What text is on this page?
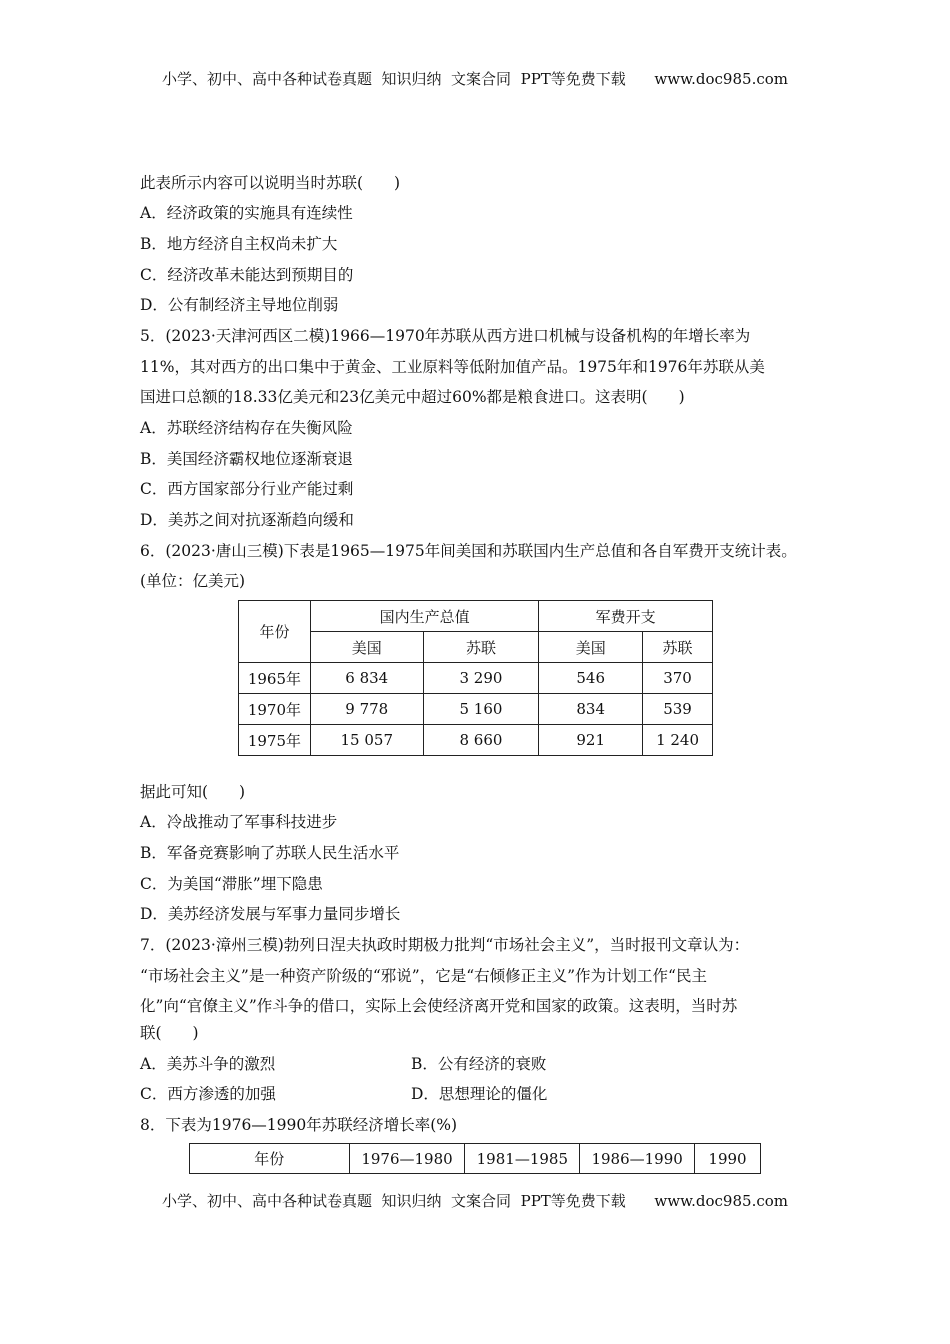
小学、初中、高中各种试卷真题  知识归纳  文案合同  PPT等免费下载      www.doc985.com
此表所示内容可以说明当时苏联(　　)
A．经济政策的实施具有连续性
B．地方经济自主权尚未扩大
C．经济改革未能达到预期目的
D．公有制经济主导地位削弱
5．(2023·天津河西区二模)1966—1970年苏联从西方进口机械与设备机构的年增长率为
11%，其对西方的出口集中于黄金、工业原料等低附加值产品。1975年和1976年苏联从美
国进口总额的18.33亿美元和23亿美元中超过60%都是粮食进口。这表明(　　)
A．苏联经济结构存在失衡风险
B．美国经济霸权地位逐渐衰退
C．西方国家部分行业产能过剩
D．美苏之间对抗逐渐趋向缓和
6．(2023·唐山三模)下表是1965—1975年间美国和苏联国内生产总值和各自军费开支统计表。
(单位：亿美元)
年份	国内生产总值		军费开支	
	美国	苏联	美国	苏联
1965年	6 834	3 290	546	370
1970年	9 778	5 160	834	539
1975年	15 057	8 660	921	1 240
据此可知(　　)
A．冷战推动了军事科技进步
B．军备竞赛影响了苏联人民生活水平
C．为美国“滞胀”埋下隐患
D．美苏经济发展与军事力量同步增长
7．(2023·漳州三模)勃列日涅夫执政时期极力批判“市场社会主义”，当时报刊文章认为：
“市场社会主义”是一种资产阶级的“邪说”，它是“右倾修正主义”作为计划工作“民主
化”向“官僚主义”作斗争的借口，实际上会使经济离开党和国家的政策。这表明，当时苏
联(　　)
A．美苏斗争的激烈	B．公有经济的衰败
C．西方渗透的加强	D．思想理论的僵化
8．下表为1976—1990年苏联经济增长率(%)
年份	1976—1980	1981—1985	1986—1990	1990
小学、初中、高中各种试卷真题  知识归纳  文案合同  PPT等免费下载      www.doc985.com
